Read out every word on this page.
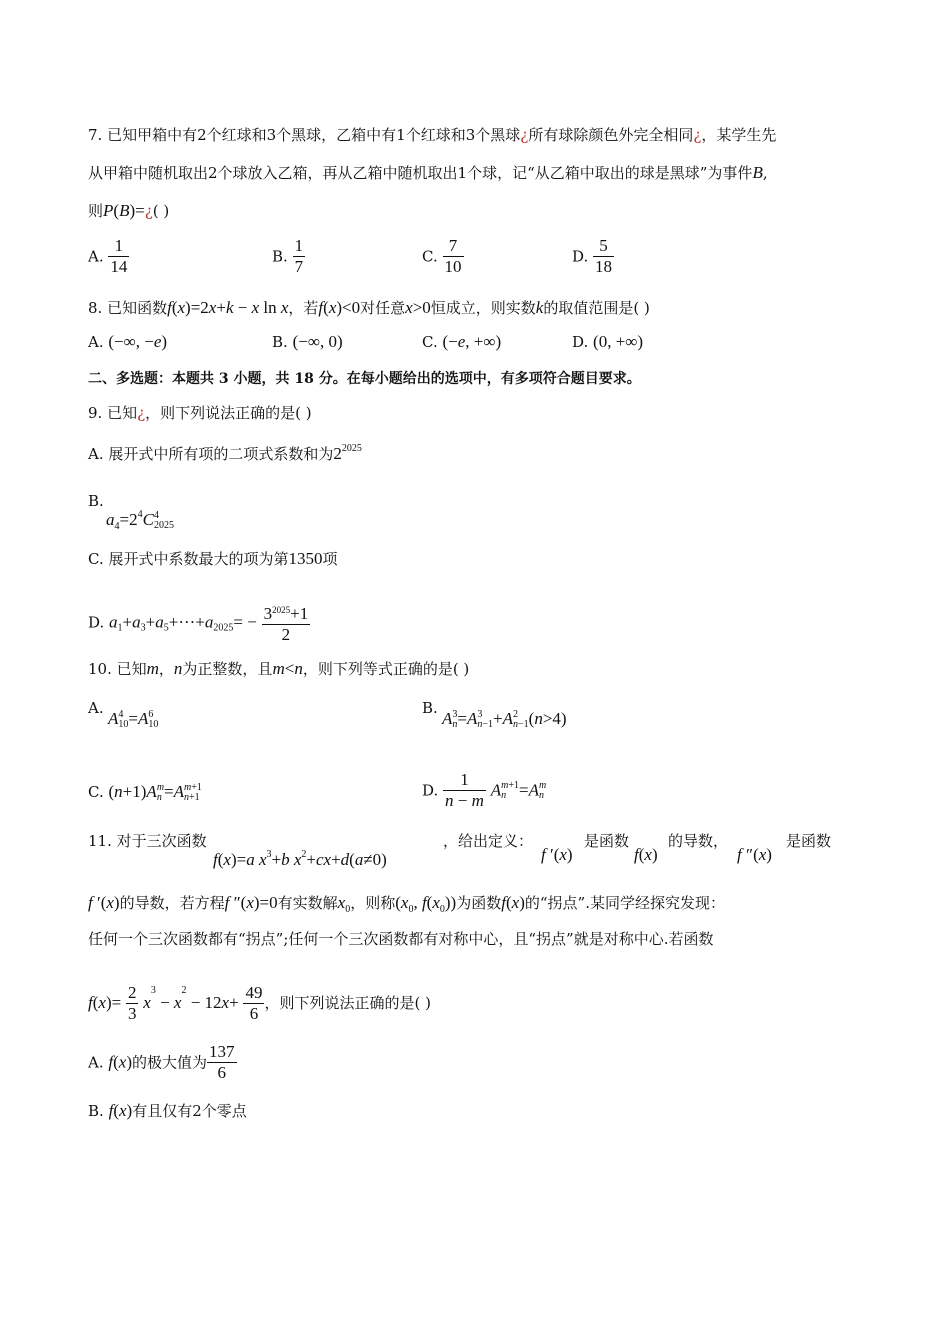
7. 已知甲箱中有2个红球和3个黑球，乙箱中有1个红球和3个黑球¿所有球除颜色外完全相同¿，某学生先
从甲箱中随机取出2个球放入乙箱，再从乙箱中随机取出1个球，记“从乙箱中取出的球是黑球”为事件B,
则P(B)=¿( )
A. $\frac{1}{14}$	B. $\frac{1}{7}$	C. $\frac{7}{10}$	D. $\frac{5}{18}$
8. 已知函数f(x)=2x+k − x ln x，若f(x)<0对任意x>0恒成立，则实数k的取值范围是( )
A. (−∞, −e)	B. (−∞, 0)	C. (−e, +∞)	D. (0, +∞)
二、多选题：本题共 3 小题，共 18 分。在每小题给出的选项中，有多项符合题目要求。
9. 已知¿，则下列说法正确的是( )
A. 展开式中所有项的二项式系数和为$2^{2025}$
B.
$a_4=2^4C$ 4
2025
C. 展开式中系数最大的项为第1350项
D. $a_1+a_3+a_5+\cdot\cdot\cdot+a_{2025}= - \frac{3^{2025}+1}{2}$
10. 已知m，n为正整数，且m<n，则下列等式正确的是( )
A.
A 4
10 =A 6
10
B.
A 3
n =A 3
n−1 +A 2
n−1 (n>4)
C. (n+1)A m
n =A m+1
n+1	D. $\frac{1}{n - m}$ A m+1
n =A m
n
11. 对于三次函数
f(x)=a $x^3+b$ $x^2+cx+d(a\ne 0)$
，给出定义：
f ′(x)
是函数
f(x)
的导数，
f ″(x)
是函数
f ′(x)的导数，若方程f ″(x)=0有实数解$x_0$，则称($x_0$, $f(x_0)$)为函数f(x)的“拐点”.某同学经探究发现：
任何一个三次函数都有“拐点”;任何一个三次函数都有对称中心，且“拐点”就是对称中心.若函数
$f(x)= \frac{2}{3} x^3 - x^2 - 12x+ \frac{49}{6}$ ，则下列说法正确的是( )
A. f(x)的极大值为 $\frac{137}{6}$
B. f(x)有且仅有2个零点
